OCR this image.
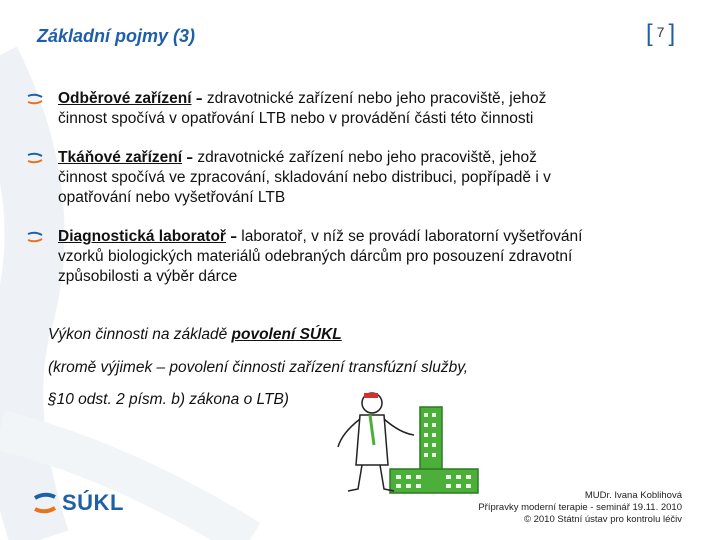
Základní pojmy (3)	[ 7 ]
Odběrové zařízení - zdravotnické zařízení nebo jeho pracoviště, jehož
činnost spočívá v opatřování LTB nebo v provádění části této činnosti
Tkáňové zařízení - zdravotnické zařízení nebo jeho pracoviště, jehož
činnost spočívá ve zpracování, skladování nebo distribuci, popřípadě i v
opatřování nebo vyšetřování LTB
Diagnostická laboratoř - laboratoř, v níž se provádí laboratorní vyšetřování
vzorků biologických materiálů odebraných dárcům pro posouzení zdravotní
způsobilosti a výběr dárce
Výkon činnosti na základě povolení SÚKL
(kromě výjimek – povolení činnosti zařízení transfúzní služby,
§10 odst. 2 písm. b) zákona o LTB)
SÚKL	MUDr. Ivana Koblihová
Přípravky moderní terapie - seminář 19.11. 2010
© 2010 Státní ústav pro kontrolu léčiv
